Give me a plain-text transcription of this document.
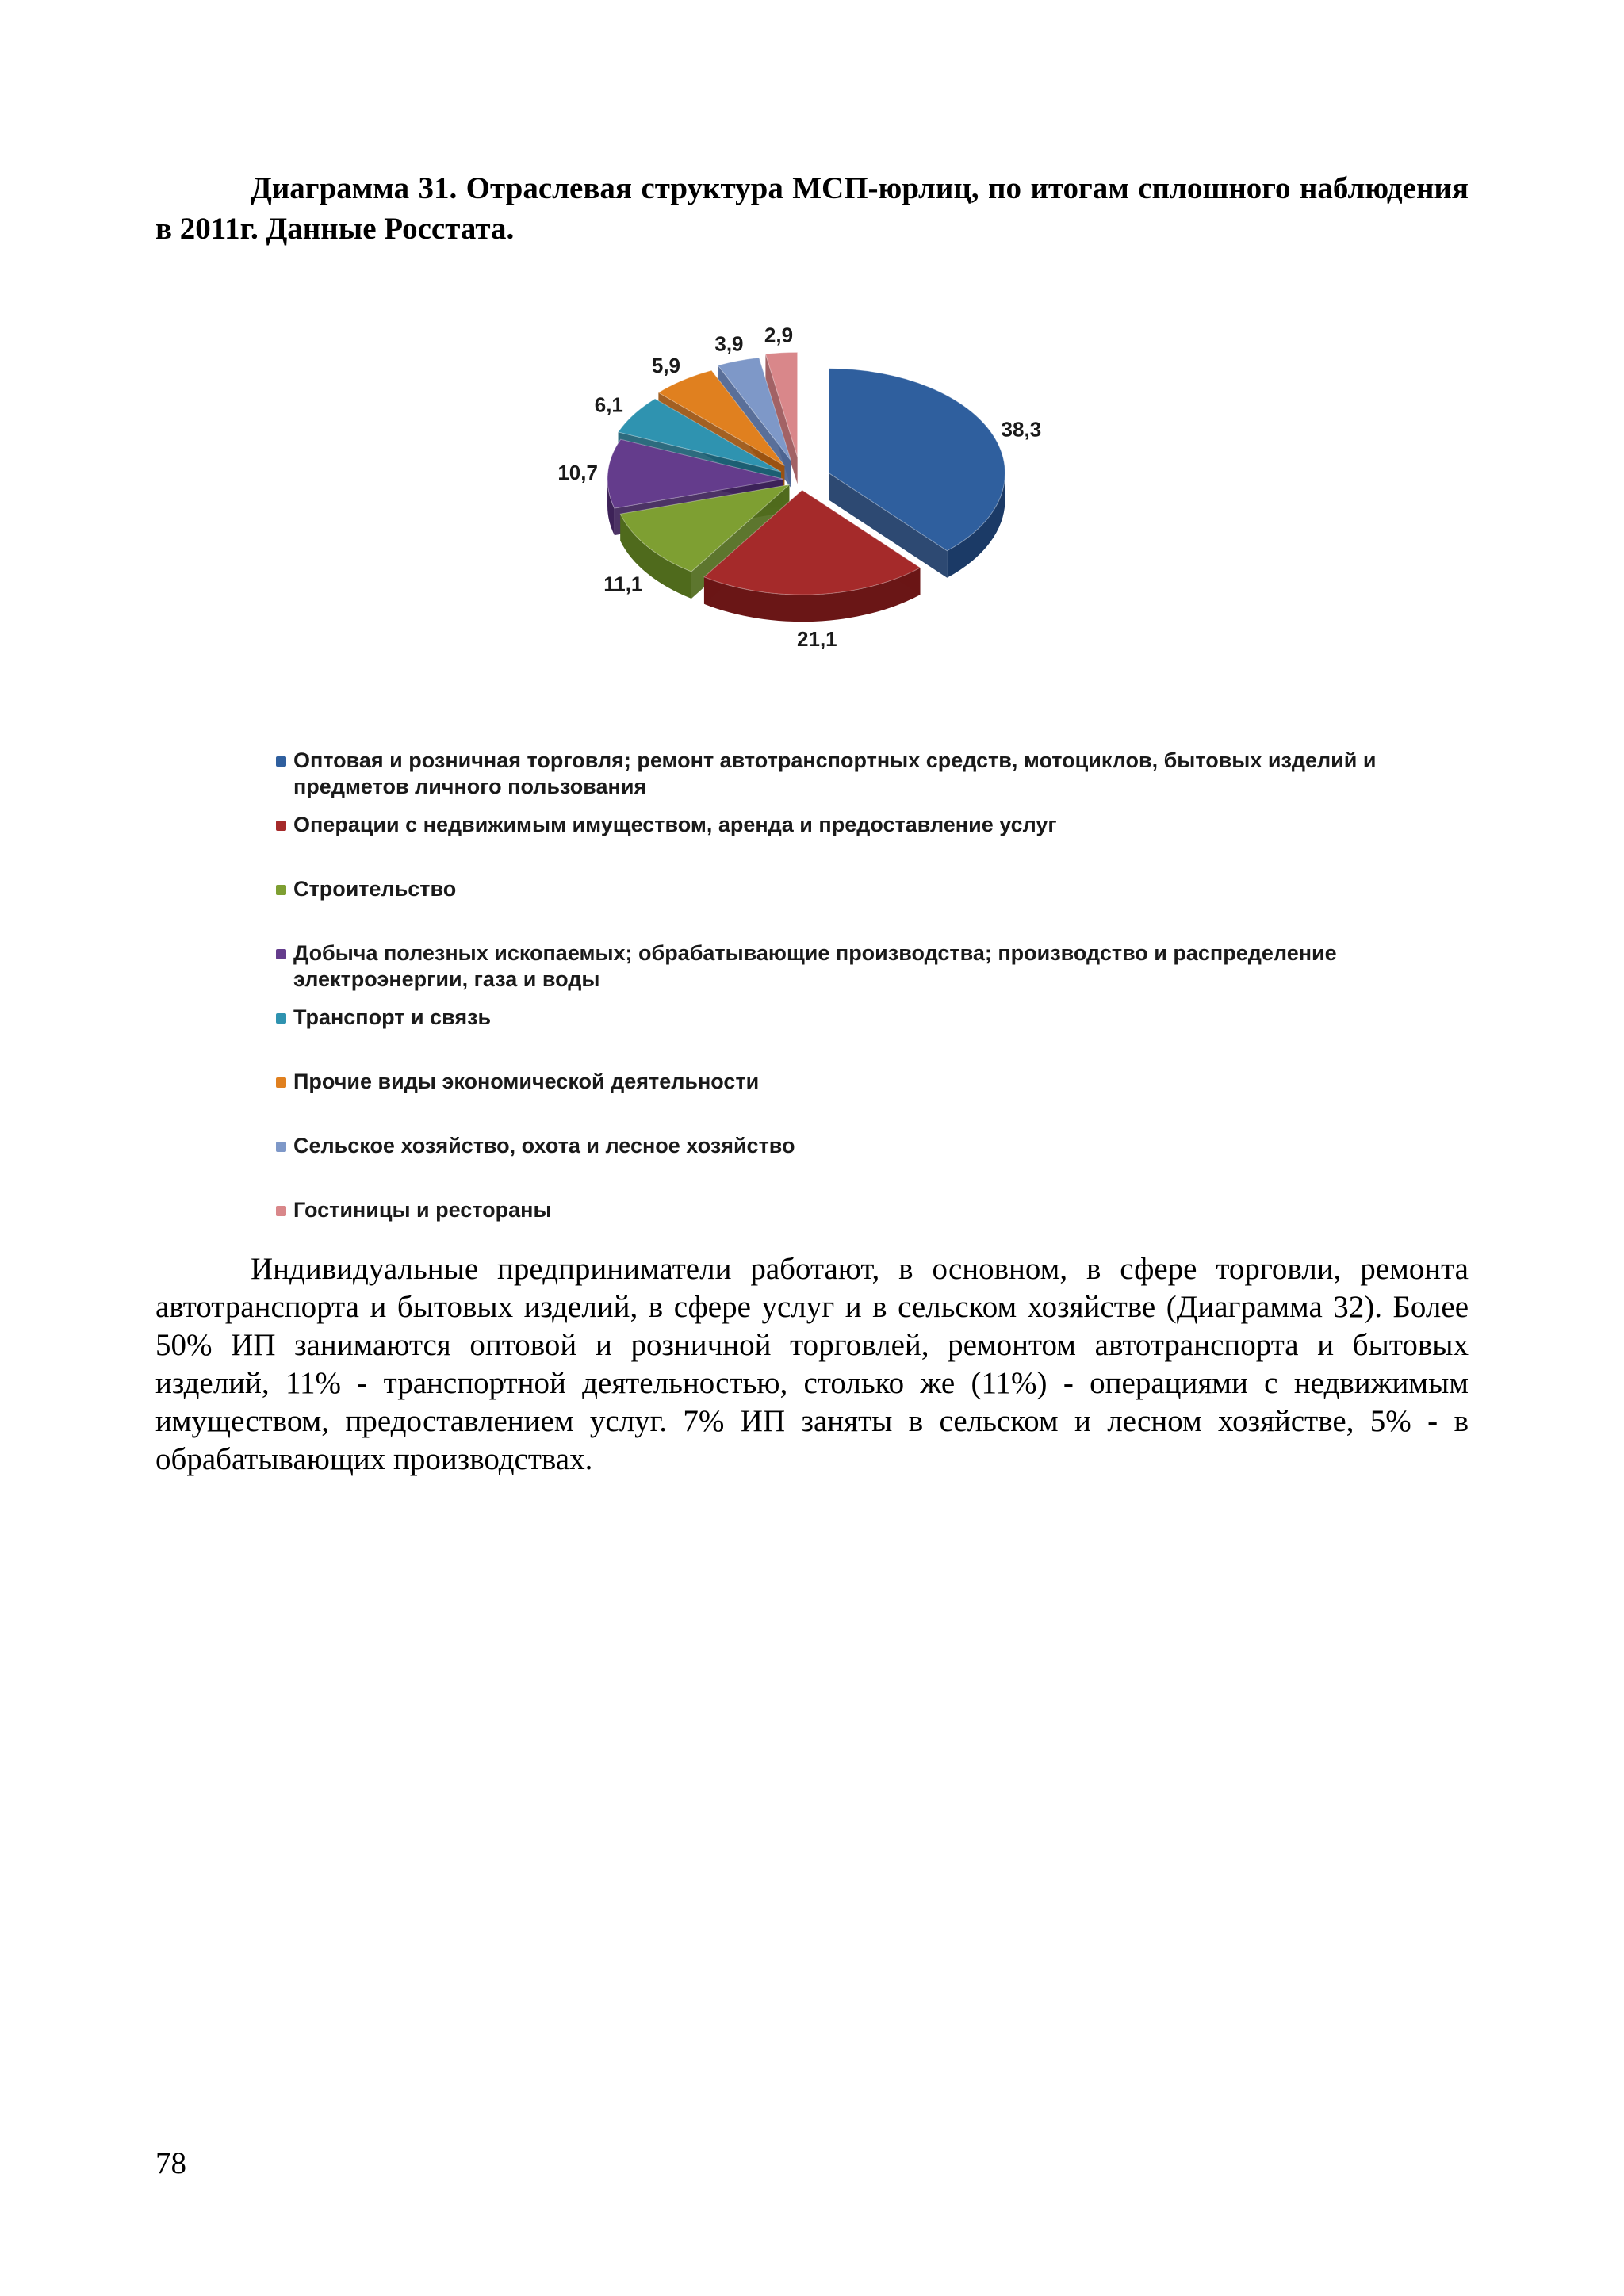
Диаграмма 31. Отраслевая структура МСП-юрлиц, по итогам сплошного наблюдения в 2011г. Данные Росстата.
38,3
21,1
11,1
10,7
6,1
5,9
3,9 2,9
Оптовая и розничная торговля; ремонт автотранспортных средств, мотоциклов, бытовых изделий и предметов личного пользования
Операции с недвижимым имуществом, аренда и предоставление услуг
Строительство
Добыча полезных ископаемых; обрабатывающие производства; производство и распределение электроэнергии, газа и воды
Транспорт и связь
Прочие виды экономической деятельности
Сельское хозяйство, охота и лесное хозяйство
Гостиницы и рестораны

Индивидуальные предприниматели работают, в основном, в сфере торговли, ремонта автотранспорта и бытовых изделий, в сфере услуг и в сельском хозяйстве (Диаграмма 32). Более 50% ИП занимаются оптовой и розничной торговлей, ремонтом автотранспорта и бытовых изделий, 11% - транспортной деятельностью, столько же (11%) - операциями с недвижимым имуществом, предоставлением услуг. 7% ИП заняты в сельском и лесном хозяйстве, 5% - в обрабатывающих производствах.

78
